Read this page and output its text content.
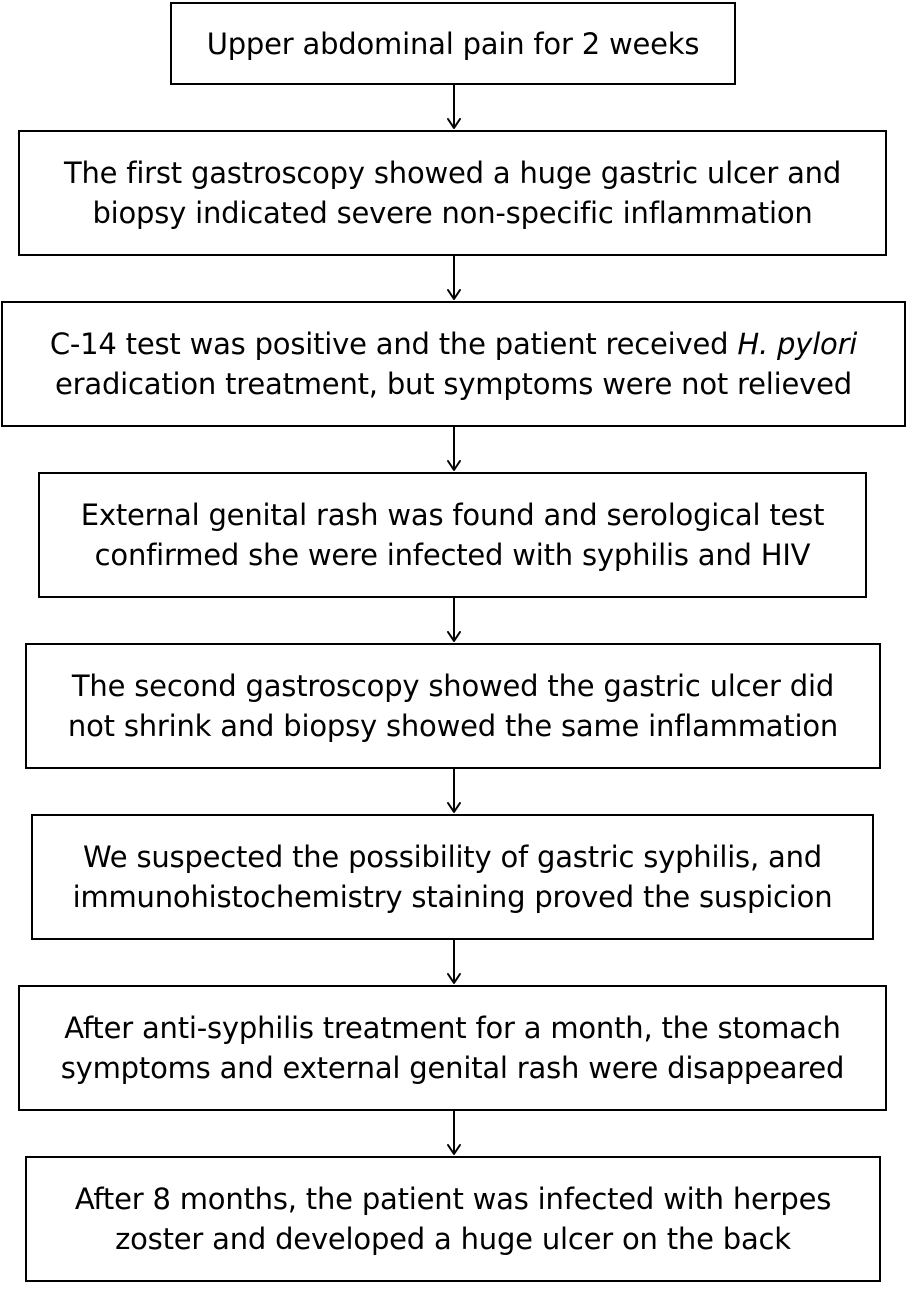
Upper abdominal pain for 2 weeks
The first gastroscopy showed a huge gastric ulcer and
biopsy indicated severe non-specific inflammation
C-14 test was positive and the patient received H. pylori
eradication treatment, but symptoms were not relieved
External genital rash was found and serological test
confirmed she were infected with syphilis and HIV
The second gastroscopy showed the gastric ulcer did
not shrink and biopsy showed the same inflammation
We suspected the possibility of gastric syphilis, and
immunohistochemistry staining proved the suspicion
After anti-syphilis treatment for a month, the stomach
symptoms and external genital rash were disappeared
After 8 months, the patient was infected with herpes
zoster and developed a huge ulcer on the back
